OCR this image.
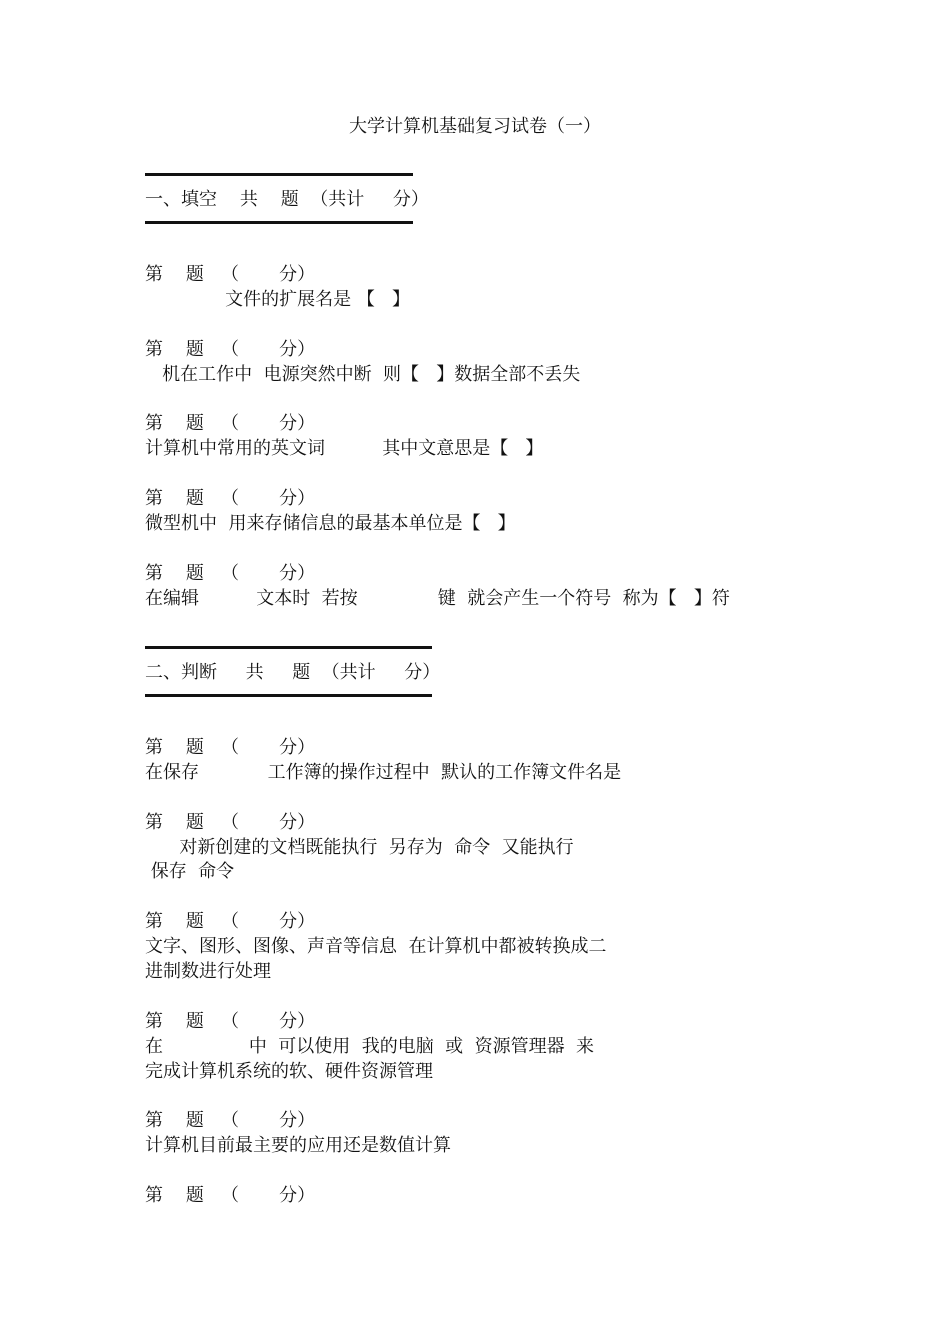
大学计算机基础复习试卷（一）
一、填空    共    题  （共计     分）
第    题   （       分）
文件的扩展名是 【   】
第    题   （       分）
机在工作中  电源突然中断  则【   】数据全部不丢失
第    题   （       分）
计算机中常用的英文词          其中文意思是【   】
第    题   （       分）
微型机中  用来存储信息的最基本单位是【   】
第    题   （       分）
在编辑          文本时  若按              键  就会产生一个符号  称为【   】符
二、判断     共     题  （共计     分）
第    题   （       分）
在保存            工作簿的操作过程中  默认的工作簿文件名是
第    题   （       分）
对新创建的文档既能执行  另存为  命令  又能执行
保存  命令
第    题   （       分）
文字、图形、图像、声音等信息  在计算机中都被转换成二
进制数进行处理
第    题   （       分）
在               中  可以使用  我的电脑  或  资源管理器  来
完成计算机系统的软、硬件资源管理
第    题   （       分）
计算机目前最主要的应用还是数值计算
第    题   （       分）
